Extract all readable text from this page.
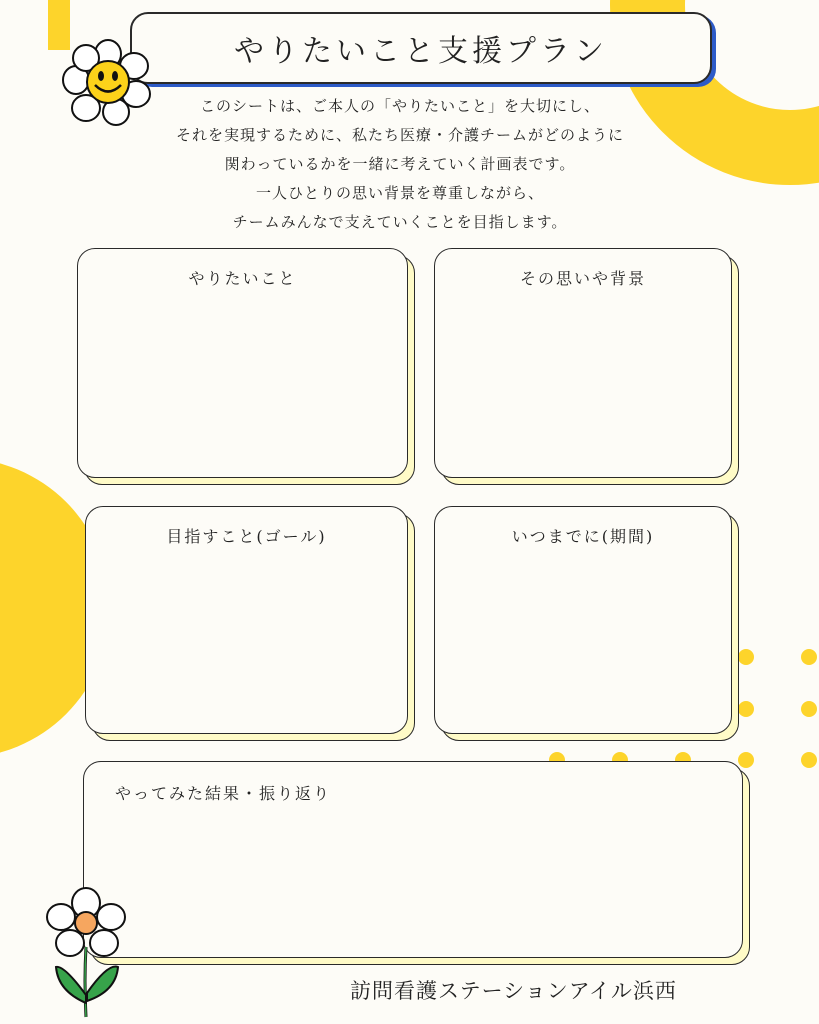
やりたいこと支援プラン

このシートは、ご本人の「やりたいこと」を大切にし、

それを実現するために、私たち医療・介護チームがどのように

関わっているかを一緒に考えていく計画表です。

一人ひとりの思い背景を尊重しながら、

チームみんなで支えていくことを目指します。

やりたいこと	その思いや背景
目指すこと(ゴール)	いつまでに(期間)
やってみた結果・振り返り
訪問看護ステーションアイル浜西
